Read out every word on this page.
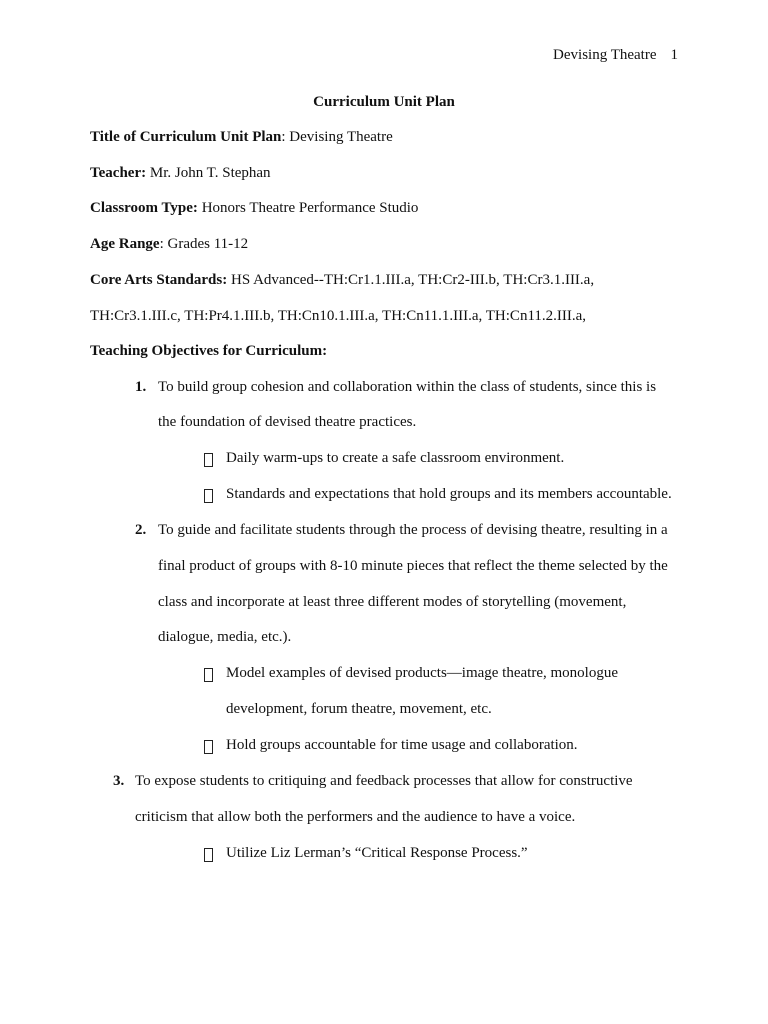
Devising Theatre 1
Curriculum Unit Plan
Title of Curriculum Unit Plan: Devising Theatre
Teacher: Mr. John T. Stephan
Classroom Type: Honors Theatre Performance Studio
Age Range: Grades 11-12
Core Arts Standards: HS Advanced--TH:Cr1.1.III.a, TH:Cr2-III.b, TH:Cr3.1.III.a,
TH:Cr3.1.III.c, TH:Pr4.1.III.b, TH:Cn10.1.III.a, TH:Cn11.1.III.a, TH:Cn11.2.III.a,
Teaching Objectives for Curriculum:
1. To build group cohesion and collaboration within the class of students, since this is
the foundation of devised theatre practices.
Daily warm-ups to create a safe classroom environment.
Standards and expectations that hold groups and its members accountable.
2. To guide and facilitate students through the process of devising theatre, resulting in a
final product of groups with 8-10 minute pieces that reflect the theme selected by the
class and incorporate at least three different modes of storytelling (movement,
dialogue, media, etc.).
Model examples of devised products—image theatre, monologue
development, forum theatre, movement, etc.
Hold groups accountable for time usage and collaboration.
3. To expose students to critiquing and feedback processes that allow for constructive
criticism that allow both the performers and the audience to have a voice.
Utilize Liz Lerman’s “Critical Response Process.”
